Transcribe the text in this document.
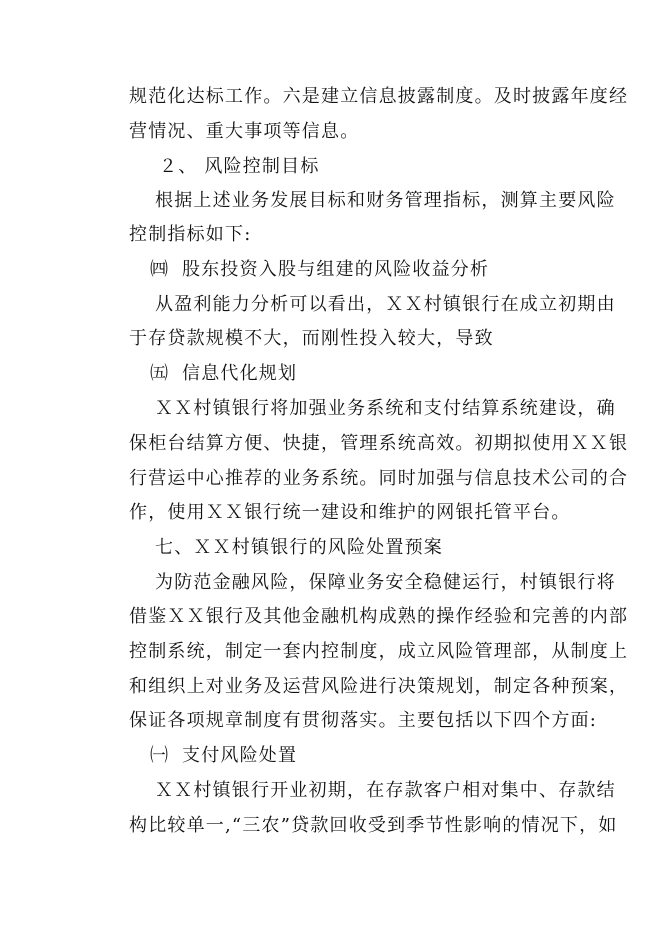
规范化达标工作。六是建立信息披露制度。及时披露年度经
营情况、重大事项等信息。
２、 风险控制目标
根据上述业务发展目标和财务管理指标，测算主要风险
控制指标如下:
㈣ 股东投资入股与组建的风险收益分析
从盈利能力分析可以看出，ＸＸ村镇银行在成立初期由
于存贷款规模不大，而刚性投入较大，导致
㈤ 信息代化规划
ＸＸ村镇银行将加强业务系统和支付结算系统建设，确
保柜台结算方便、快捷，管理系统高效。初期拟使用ＸＸ银
行营运中心推荐的业务系统。同时加强与信息技术公司的合
作，使用ＸＸ银行统一建设和维护的网银托管平台。
七、ＸＸ村镇银行的风险处置预案
为防范金融风险，保障业务安全稳健运行，村镇银行将
借鉴ＸＸ银行及其他金融机构成熟的操作经验和完善的内部
控制系统，制定一套内控制度，成立风险管理部，从制度上
和组织上对业务及运营风险进行决策规划，制定各种预案，
保证各项规章制度有贯彻落实。主要包括以下四个方面:
㈠ 支付风险处置
ＸＸ村镇银行开业初期，在存款客户相对集中、存款结
构比较单一,“三农”贷款回收受到季节性影响的情况下，如
